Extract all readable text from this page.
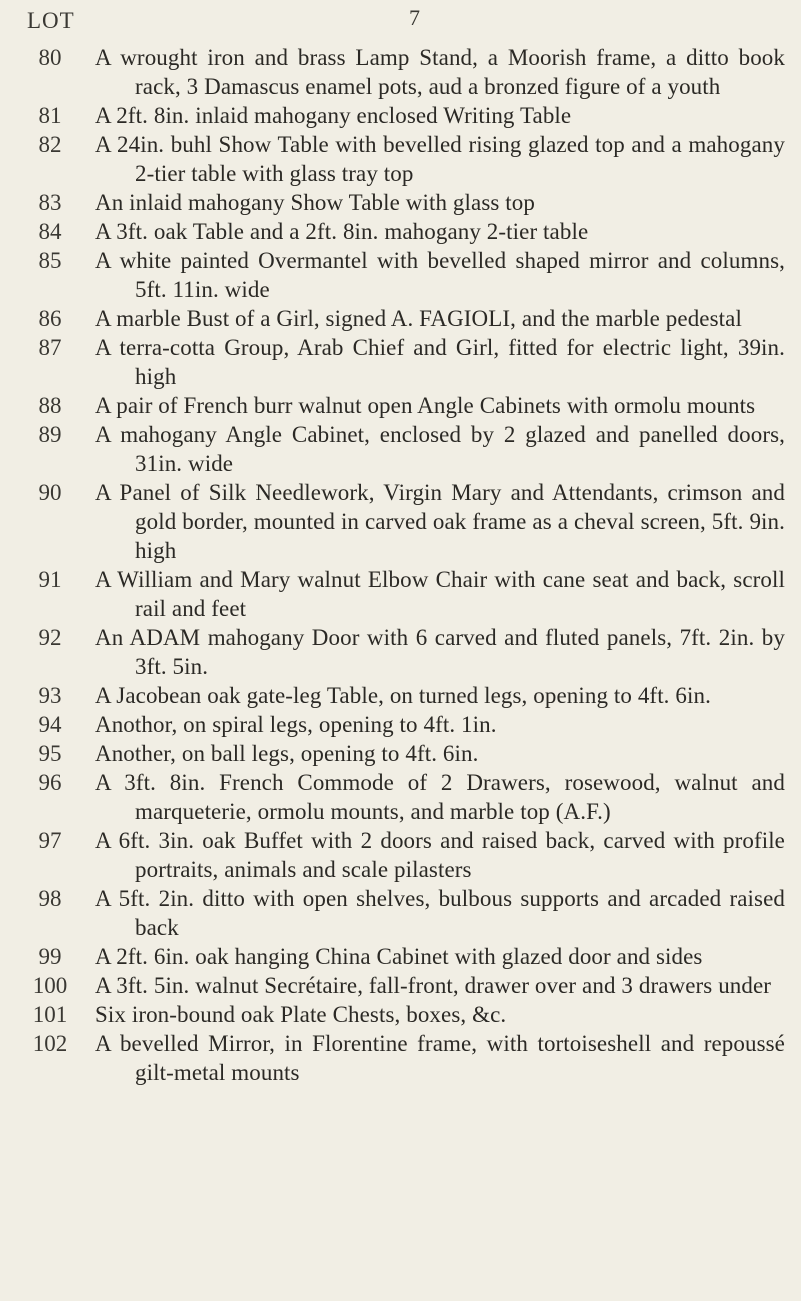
7
LOT
80	A wrought iron and brass Lamp Stand, a Moorish frame, a ditto book rack, 3 Damascus enamel pots, aud a bronzed figure of a youth
81	A 2ft. 8in. inlaid mahogany enclosed Writing Table
82	A 24in. buhl Show Table with bevelled rising glazed top and a mahogany 2-tier table with glass tray top
83	An inlaid mahogany Show Table with glass top
84	A 3ft. oak Table and a 2ft. 8in. mahogany 2-tier table
85	A white painted Overmantel with bevelled shaped mirror and columns, 5ft. 11in. wide
86	A marble Bust of a Girl, signed A. FAGIOLI, and the marble pedestal
87	A terra-cotta Group, Arab Chief and Girl, fitted for electric light, 39in. high
88	A pair of French burr walnut open Angle Cabinets with ormolu mounts
89	A mahogany Angle Cabinet, enclosed by 2 glazed and panelled doors, 31in. wide
90	A Panel of Silk Needlework, Virgin Mary and Attendants, crimson and gold border, mounted in carved oak frame as a cheval screen, 5ft. 9in. high
91	A William and Mary walnut Elbow Chair with cane seat and back, scroll rail and feet
92	An ADAM mahogany Door with 6 carved and fluted panels, 7ft. 2in. by 3ft. 5in.
93	A Jacobean oak gate-leg Table, on turned legs, opening to 4ft. 6in.
94	Anothor, on spiral legs, opening to 4ft. 1in.
95	Another, on ball legs, opening to 4ft. 6in.
96	A 3ft. 8in. French Commode of 2 Drawers, rosewood, walnut and marqueterie, ormolu mounts, and marble top (A.F.)
97	A 6ft. 3in. oak Buffet with 2 doors and raised back, carved with profile portraits, animals and scale pilasters
98	A 5ft. 2in. ditto with open shelves, bulbous supports and arcaded raised back
99	A 2ft. 6in. oak hanging China Cabinet with glazed door and sides
100	A 3ft. 5in. walnut Secrétaire, fall-front, drawer over and 3 drawers under
101	Six iron-bound oak Plate Chests, boxes, &c.
102	A bevelled Mirror, in Florentine frame, with tortoiseshell and repoussé gilt-metal mounts
